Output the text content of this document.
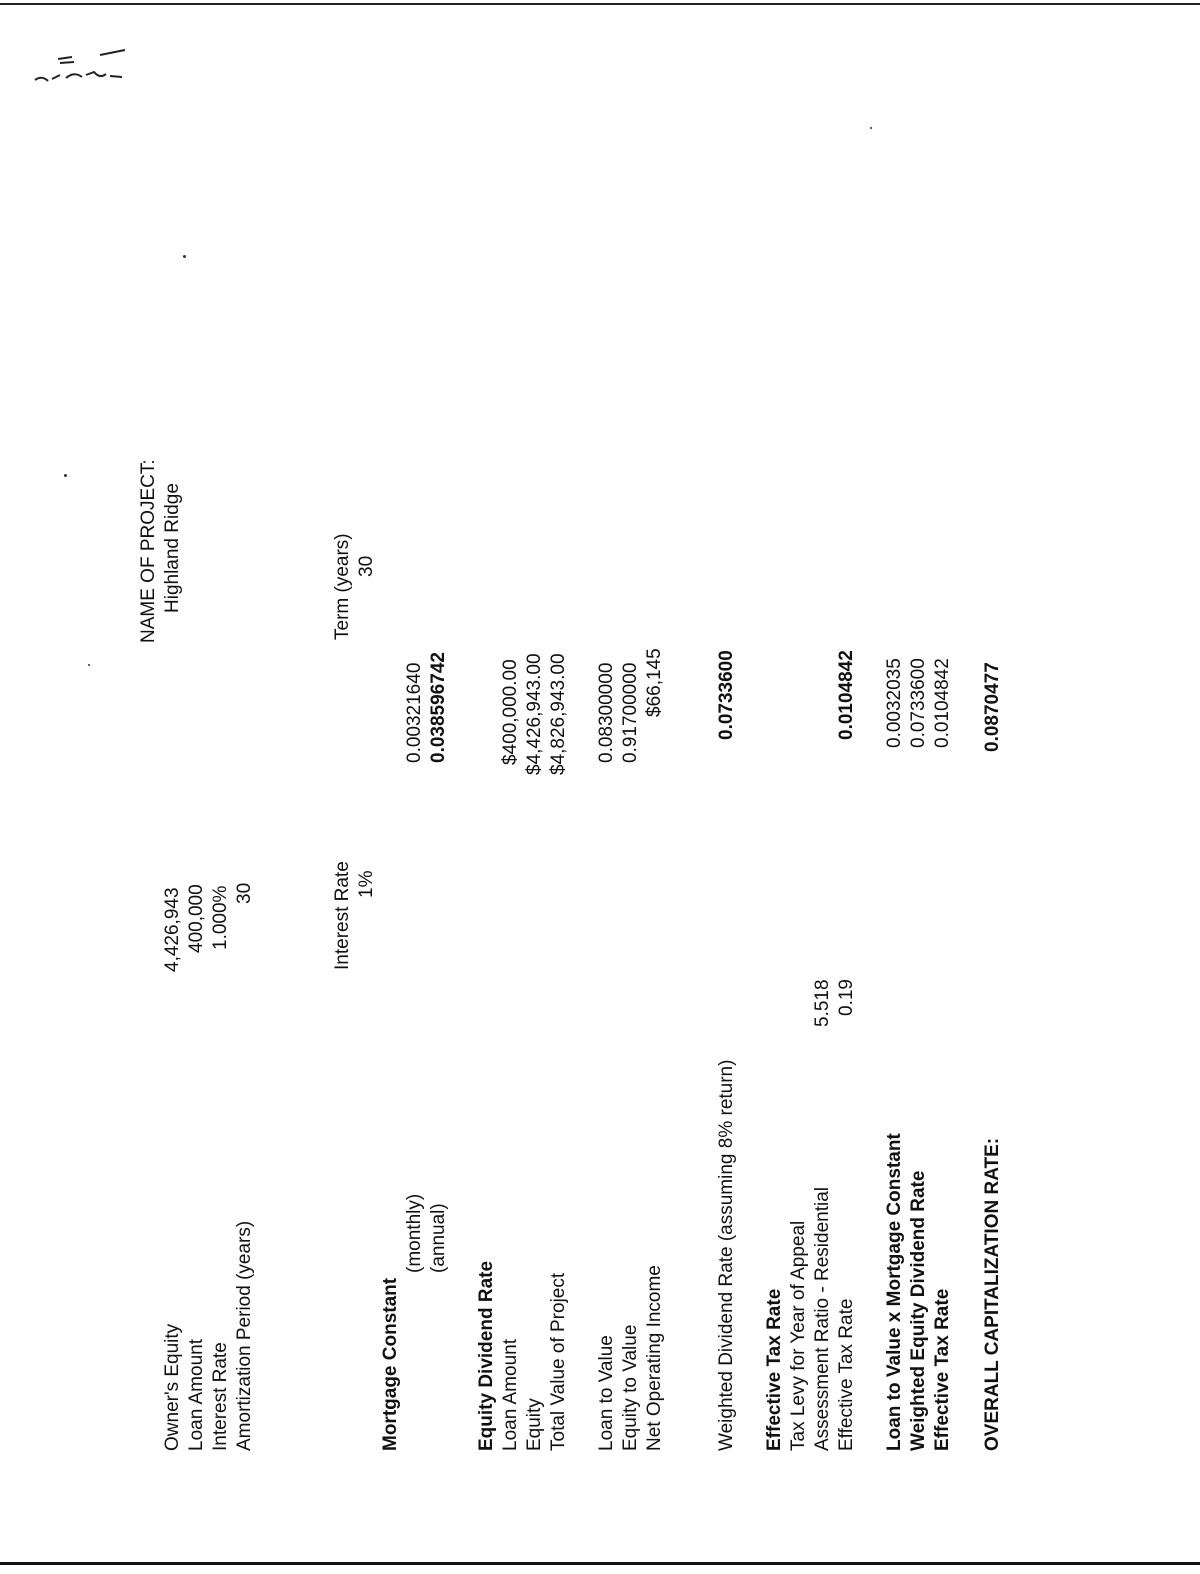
NAME OF PROJECT: Highland Ridge
Owner's Equity Loan Amount Interest Rate Amortization Period (years)
4,426,943 400,000 1.000% 30	Interest Rate 1%
Term (years) 30
Mortgage Constant
(monthly) (annual)
0.00321640 0.038596742
Equity Dividend Rate Loan Amount Equity Total Value of Project
$400,000.00 $4,426,943.00 $4,826,943.00
Loan to Value Equity to Value Net Operating Income
0.08300000 0.91700000 $66,145
Weighted Dividend Rate (assuming 8% return)
0.0733600
Effective Tax Rate Tax Levy for Year of Appeal Assessment Ratio - Residential Effective Tax Rate
5.518 0.19
0.0104842
Loan to Value x Mortgage Constant Weighted Equity Dividend Rate Effective Tax Rate
0.0032035 0.0733600 0.0104842
OVERALL CAPITALIZATION RATE:
0.0870477
